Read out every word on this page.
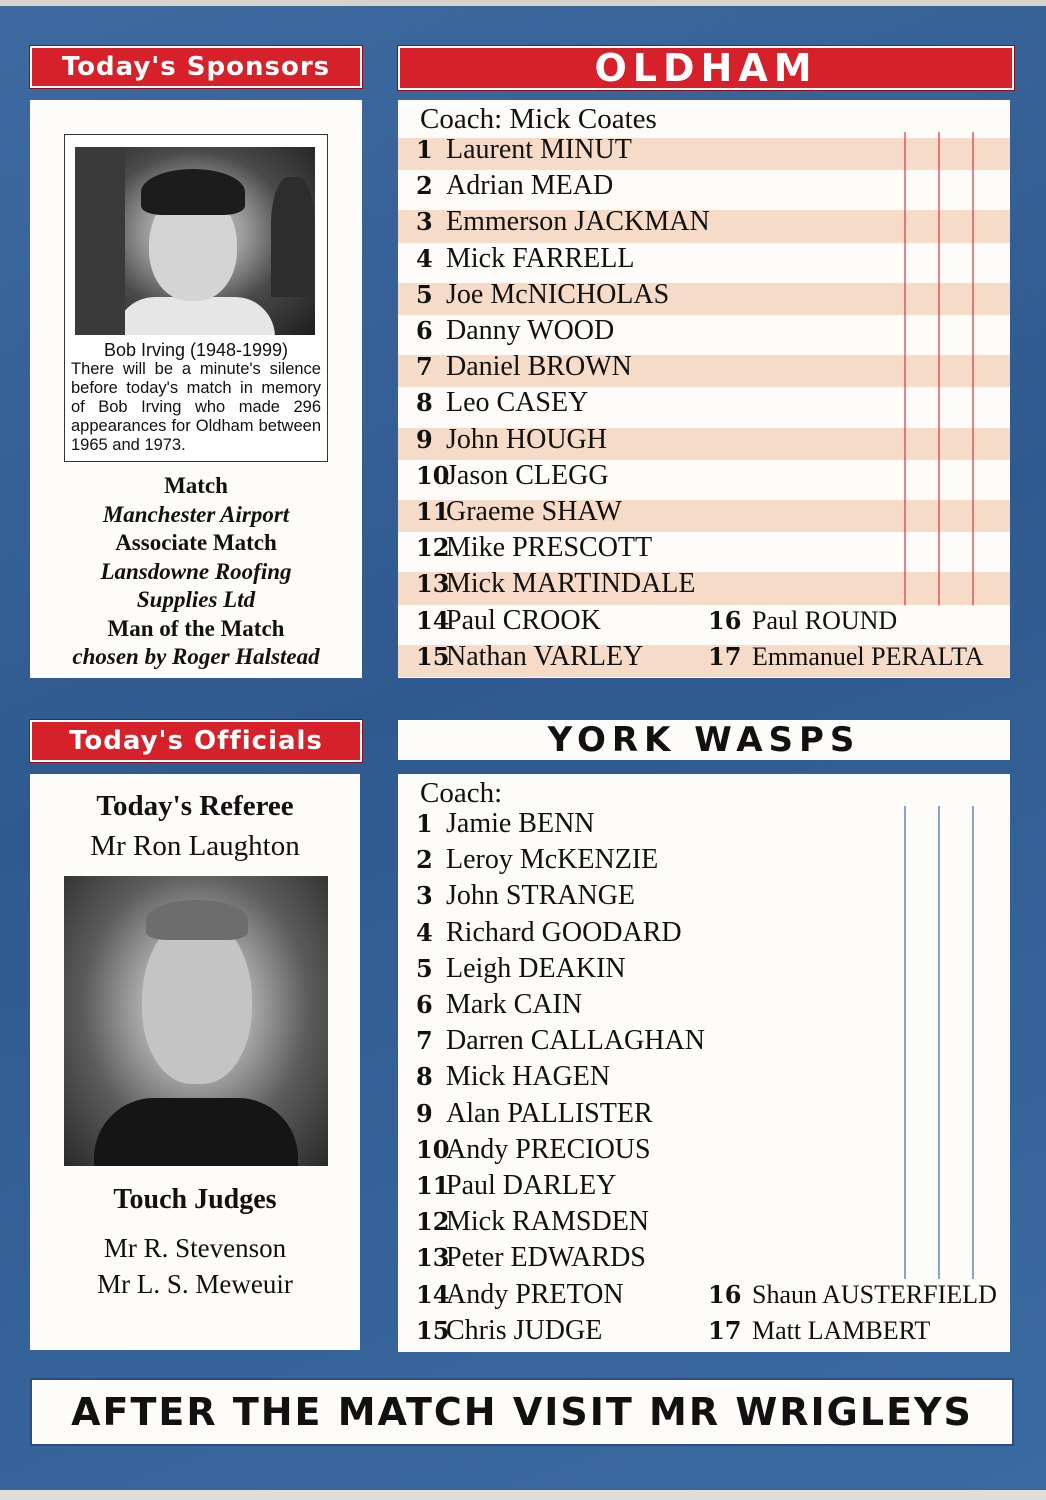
Today's Sponsors
Bob Irving (1948-1999)
There will be a minute's silence before today's match in memory of Bob Irving who made 296 appearances for Oldham between 1965 and 1973.
Match
Manchester Airport
Associate Match
Lansdowne Roofing
Supplies Ltd
Man of the Match
chosen by Roger Halstead
Today's Officials
Today's Referee
Mr Ron Laughton
Touch Judges
Mr R. Stevenson
Mr L. S. Meweuir
OLDHAM
Coach: Mick Coates
1 Laurent MINUT
2 Adrian MEAD
3 Emmerson JACKMAN
4 Mick FARRELL
5 Joe McNICHOLAS
6 Danny WOOD
7 Daniel BROWN
8 Leo CASEY
9 John HOUGH
10Jason CLEGG
11Graeme SHAW
12Mike PRESCOTT
13Mick MARTINDALE
14Paul CROOK
15Nathan VARLEY
16 Paul ROUND
17 Emmanuel PERALTA
YORK WASPS
Coach:
1 Jamie BENN
2 Leroy McKENZIE
3 John STRANGE
4 Richard GOODARD
5 Leigh DEAKIN
6 Mark CAIN
7 Darren CALLAGHAN
8 Mick HAGEN
9 Alan PALLISTER
10Andy PRECIOUS
11Paul DARLEY
12Mick RAMSDEN
13Peter EDWARDS
14Andy PRETON
15Chris JUDGE
16 Shaun AUSTERFIELD
17 Matt LAMBERT
AFTER THE MATCH VISIT MR WRIGLEYS
